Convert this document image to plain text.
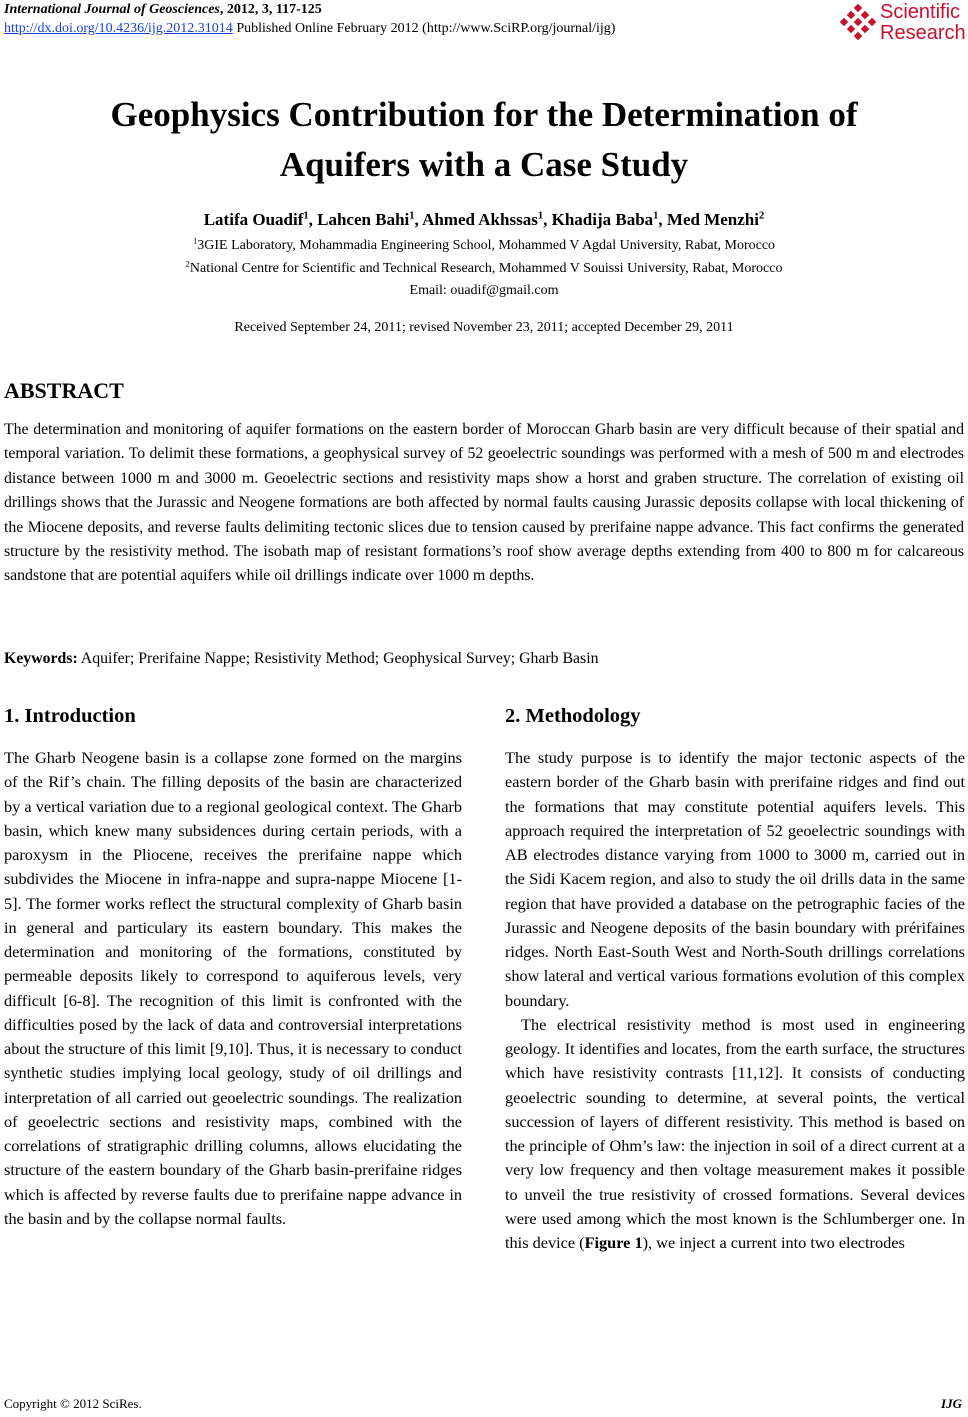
International Journal of Geosciences, 2012, 3, 117-125
http://dx.doi.org/10.4236/ijg.2012.31014 Published Online February 2012 (http://www.SciRP.org/journal/ijg)
Scientific
Research
Geophysics Contribution for the Determination of
Aquifers with a Case Study
Latifa Ouadif$^1$, Lahcen Bahi$^1$, Ahmed Akhssas$^1$, Khadija Baba$^1$, Med Menzhi$^2$
$^1$3GIE Laboratory, Mohammadia Engineering School, Mohammed V Agdal University, Rabat, Morocco
$^2$National Centre for Scientific and Technical Research, Mohammed V Souissi University, Rabat, Morocco
Email: ouadif@gmail.com
Received September 24, 2011; revised November 23, 2011; accepted December 29, 2011
ABSTRACT
The determination and monitoring of aquifer formations on the eastern border of Moroccan Gharb basin are very difficult because of their spatial and temporal variation. To delimit these formations, a geophysical survey of 52 geoelectric soundings was performed with a mesh of 500 m and electrodes distance between 1000 m and 3000 m. Geoelectric sections and resistivity maps show a horst and graben structure. The correlation of existing oil drillings shows that the Jurassic and Neogene formations are both affected by normal faults causing Jurassic deposits collapse with local thickening of the Miocene deposits, and reverse faults delimiting tectonic slices due to tension caused by prerifaine nappe advance. This fact confirms the generated structure by the resistivity method. The isobath map of resistant formations’s roof show average depths extending from 400 to 800 m for calcareous sandstone that are potential aquifers while oil drillings indicate over 1000 m depths.
Keywords: Aquifer; Prerifaine Nappe; Resistivity Method; Geophysical Survey; Gharb Basin
1. Introduction

The Gharb Neogene basin is a collapse zone formed on the margins of the Rif’s chain. The filling deposits of the basin are characterized by a vertical variation due to a regional geological context. The Gharb basin, which knew many subsidences during certain periods, with a paroxysm in the Pliocene, receives the prerifaine nappe which subdivides the Miocene in infra-nappe and supra-nappe Miocene [1-5]. The former works reflect the structural complexity of Gharb basin in general and particulary its eastern boundary. This makes the determination and monitoring of the formations, constituted by permeable deposits likely to correspond to aquiferous levels, very difficult [6-8]. The recognition of this limit is confronted with the difficulties posed by the lack of data and controversial interpretations about the structure of this limit [9,10]. Thus, it is necessary to conduct synthetic studies implying local geology, study of oil drillings and interpretation of all carried out geoelectric soundings. The realization of geoelectric sections and resistivity maps, combined with the correlations of stratigraphic drilling columns, allows elucidating the structure of the eastern boundary of the Gharb basin-prerifaine ridges which is affected by reverse faults due to prerifaine nappe advance in the basin and by the collapse normal faults.

2. Methodology

The study purpose is to identify the major tectonic aspects of the eastern border of the Gharb basin with prerifaine ridges and find out the formations that may constitute potential aquifers levels. This approach required the interpretation of 52 geoelectric soundings with AB electrodes distance varying from 1000 to 3000 m, carried out in the Sidi Kacem region, and also to study the oil drills data in the same region that have provided a database on the petrographic facies of the Jurassic and Neogene deposits of the basin boundary with prérifaines ridges. North East-South West and North-South drillings correlations show lateral and vertical various formations evolution of this complex boundary.

The electrical resistivity method is most used in engineering geology. It identifies and locates, from the earth surface, the structures which have resistivity contrasts [11,12]. It consists of conducting geoelectric sounding to determine, at several points, the vertical succession of layers of different resistivity. This method is based on the principle of Ohm’s law: the injection in soil of a direct current at a very low frequency and then voltage measurement makes it possible to unveil the true resistivity of crossed formations. Several devices were used among which the most known is the Schlumberger one. In this device (Figure 1), we inject a current into two electrodes

Copyright © 2012 SciRes.	IJG
